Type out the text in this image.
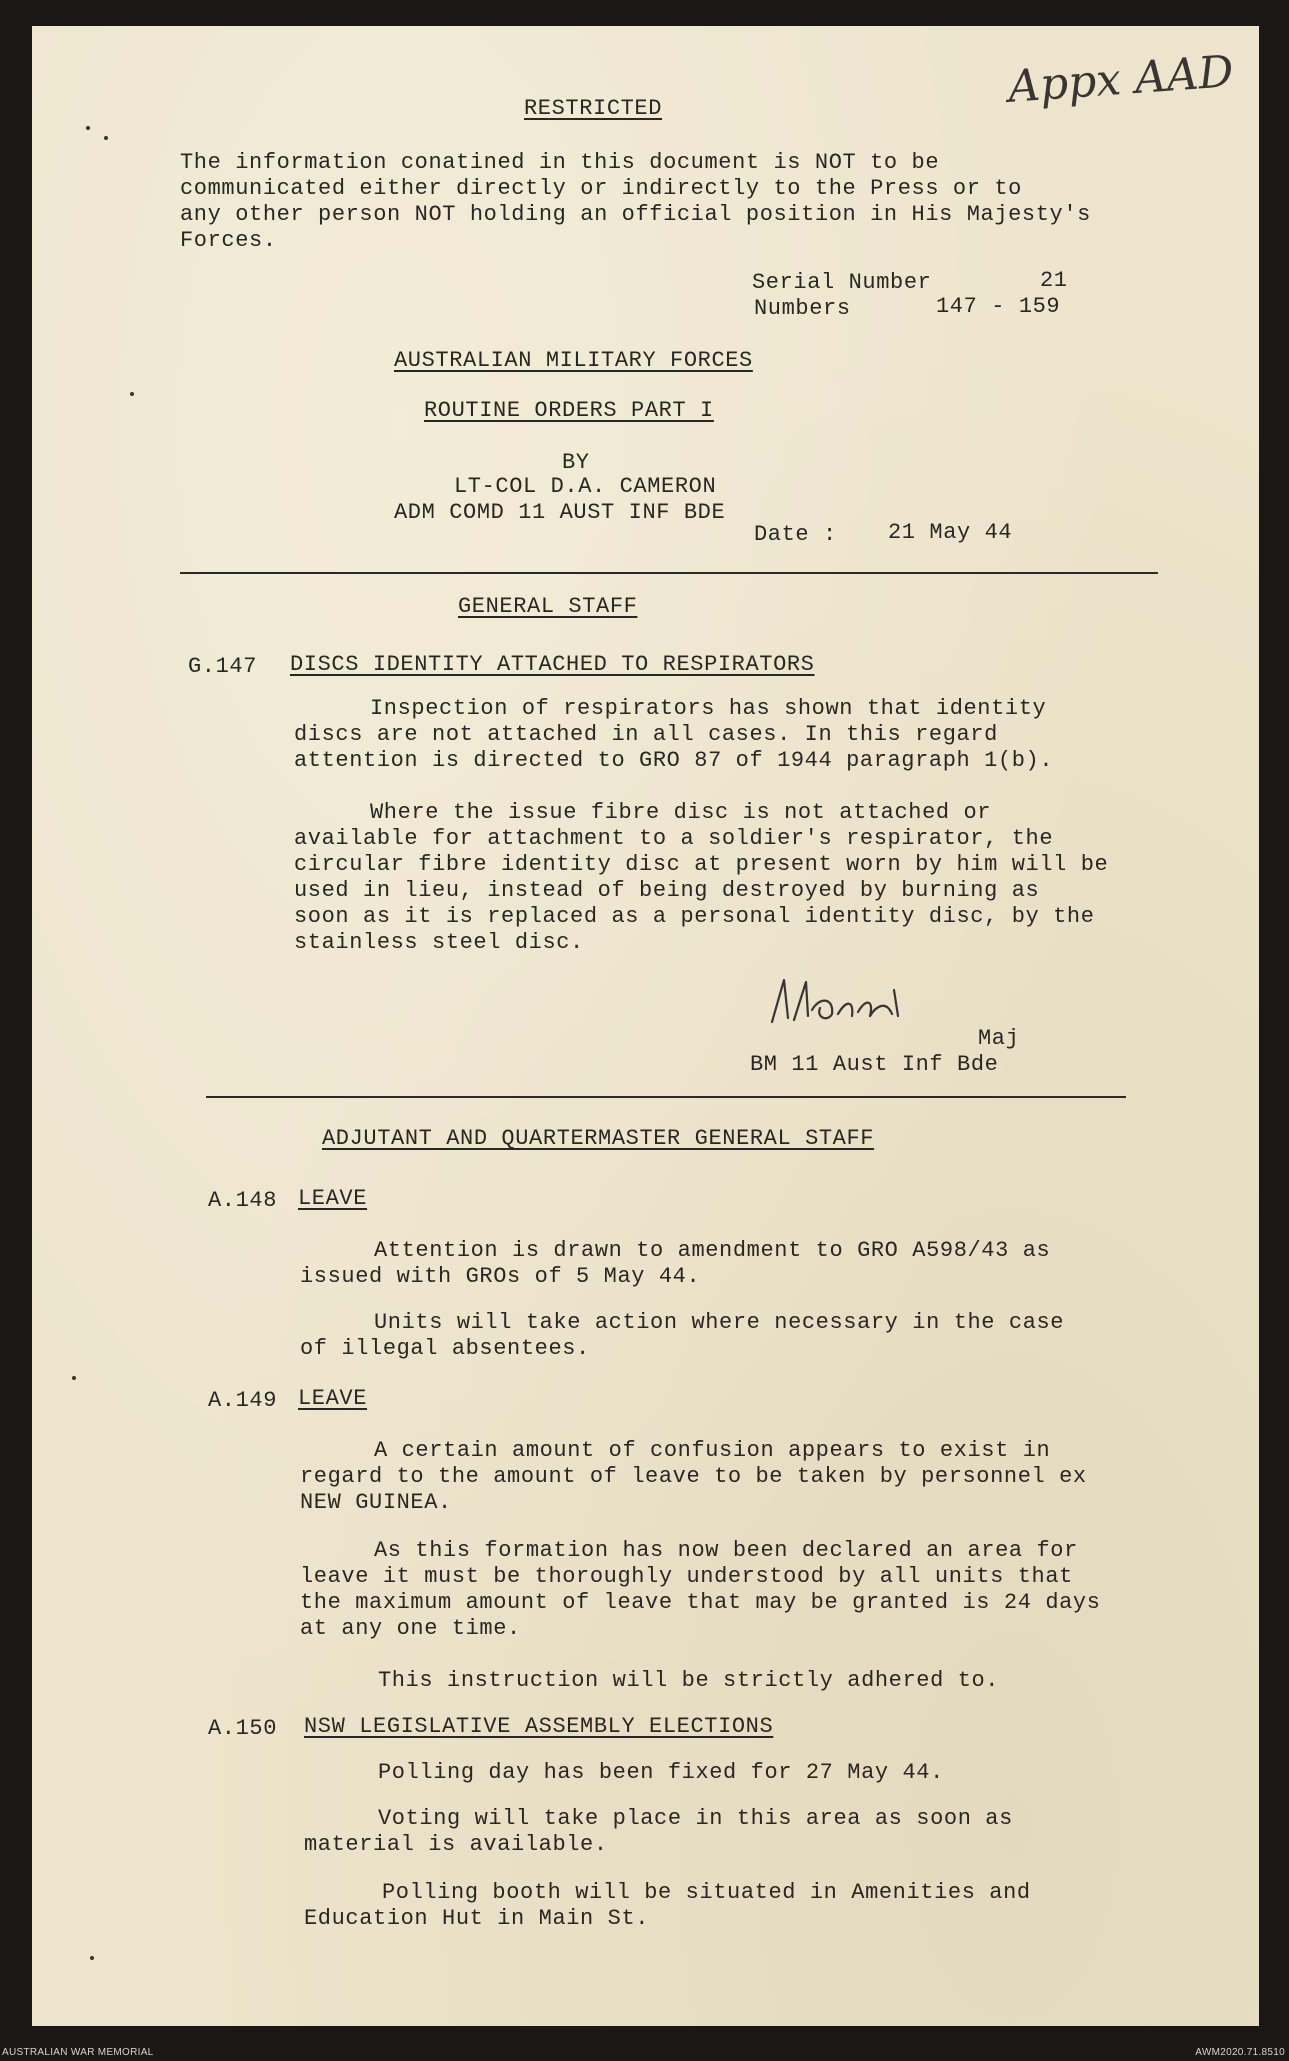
Appx AAD
RESTRICTED
The information conatined in this document is NOT to be
communicated either directly or indirectly to the Press or to
any other person NOT holding an official position in His Majesty's
Forces.
Serial Number	21
Numbers	147 - 159
AUSTRALIAN MILITARY FORCES
ROUTINE ORDERS PART I
BY
LT-COL D.A. CAMERON
ADM COMD 11 AUST INF BDE
Date : 21 May 44
GENERAL STAFF
G.147 DISCS IDENTITY ATTACHED TO RESPIRATORS
Inspection of respirators has shown that identity
discs are not attached in all cases. In this regard
attention is directed to GRO 87 of 1944 paragraph 1(b).
Where the issue fibre disc is not attached or
available for attachment to a soldier's respirator, the
circular fibre identity disc at present worn by him will be
used in lieu, instead of being destroyed by burning as
soon as it is replaced as a personal identity disc, by the
stainless steel disc.
Maj
BM 11 Aust Inf Bde
ADJUTANT AND QUARTERMASTER GENERAL STAFF
A.148 LEAVE
Attention is drawn to amendment to GRO A598/43 as
issued with GROs of 5 May 44.
Units will take action where necessary in the case
of illegal absentees.
A.149 LEAVE
A certain amount of confusion appears to exist in
regard to the amount of leave to be taken by personnel ex
NEW GUINEA.
As this formation has now been declared an area for
leave it must be thoroughly understood by all units that
the maximum amount of leave that may be granted is 24 days
at any one time.
This instruction will be strictly adhered to.
A.150 NSW LEGISLATIVE ASSEMBLY ELECTIONS
Polling day has been fixed for 27 May 44.
Voting will take place in this area as soon as
material is available.
Polling booth will be situated in Amenities and
Education Hut in Main St.
AUSTRALIAN WAR MEMORIAL	AWM2020.71.8510
